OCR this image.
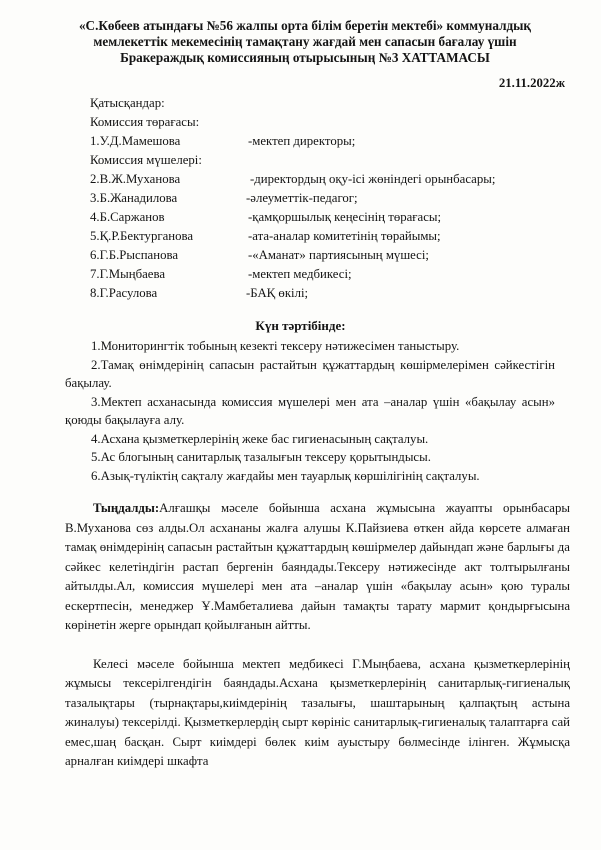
«С.Көбеев атындағы №56 жалпы орта білім беретін мектебі» коммуналдық
мемлекеттік мекемесінің тамақтану жағдай мен сапасын бағалау үшін
Бракераждық комиссияның отырысының №3 ХАТТАМАСЫ
21.11.2022ж
Қатысқандар:
Комиссия төрағасы:
1.У.Д.Мамешова	-мектеп директоры;
Комиссия мүшелері:
2.В.Ж.Муханова	-директордың оқу-ісі жөніндегі орынбасары;
3.Б.Жанадилова	-әлеуметтік-педагог;
4.Б.Саржанов	-қамқоршылық кеңесінің төрағасы;
5.Қ.Р.Бектурганова	-ата-аналар комитетінің төрайымы;
6.Г.Б.Рыспанова	-«Аманат» партиясының мүшесі;
7.Г.Мыңбаева	-мектеп медбикесі;
8.Г.Расулова	-БАҚ өкілі;
Күн тәртібінде:

1.Мониторингтік тобының кезекті тексеру нәтижесімен таныстыру.

2.Тамақ өнімдерінің сапасын растайтын құжаттардың көшірмелерімен сәйкестігін бақылау.

3.Мектеп асханасында комиссия мүшелері мен ата –аналар үшін «бақылау асын» қоюды бақылауға алу.

4.Асхана қызметкерлерінің жеке бас гигиенасының сақталуы.

5.Ас блогының санитарлық тазалығын тексеру қорытындысы.

6.Азық-түліктің сақталу жағдайы мен тауарлық көршілігінің сақталуы.

Тыңдалды:Алғашқы мәселе бойынша асхана жұмысына жауапты орынбасары В.Муханова сөз алды.Ол асхананы жалға алушы К.Пайзиева өткен айда көрсете алмаған тамақ өнімдерінің сапасын растайтын құжаттардың көшірмелер дайындап және барлығы да сәйкес келетіндігін растап бергенін баяндады.Тексеру нәтижесінде акт толтырылғаны айтылды.Ал, комиссия мүшелері мен ата –аналар үшін «бақылау асын» қою туралы ескертпесін, менеджер Ұ.Мамбеталиева дайын тамақты тарату мармит қондырғысына көрінетін жерге орындап қойылғанын айтты.

Келесі мәселе бойынша мектеп медбикесі Г.Мыңбаева, асхана қызметкерлерінің жұмысы тексерілгендігін баяндады.Асхана қызметкерлерінің санитарлық-гигиеналық тазалықтары (тырнақтары,киімдерінің тазалығы, шаштарының қалпақтың астына жиналуы) тексерілді. Қызметкерлердің сырт көрініс санитарлық-гигиеналық талаптарға сай емес,шаң басқан. Сырт киімдері бөлек киім ауыстыру бөлмесінде ілінген. Жұмысқа арналған киімдері шкафта
